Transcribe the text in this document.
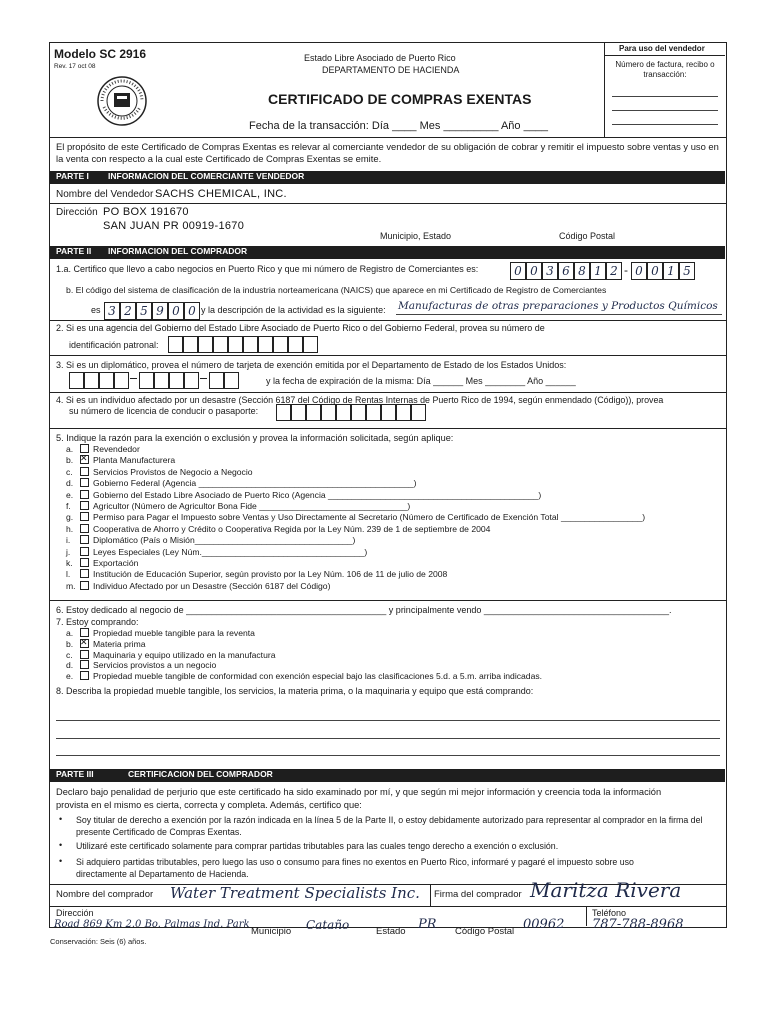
Modelo SC 2916
Rev. 17 oct 08
Estado Libre Asociado de Puerto Rico
DEPARTAMENTO DE HACIENDA
CERTIFICADO DE COMPRAS EXENTAS
Fecha de la transacción: Día ____ Mes _________ Año ____
Para uso del vendedor
Número de factura, recibo o transacción:
El propósito de este Certificado de Compras Exentas es relevar al comerciante vendedor de su obligación de cobrar y remitir el impuesto sobre ventas y uso en la venta con respecto a la cual este Certificado de Compras Exentas se emite.
PARTE I INFORMACION DEL COMERCIANTE VENDEDOR
Nombre del Vendedor SACHS CHEMICAL, INC.
Dirección PO BOX 191670
SAN JUAN PR 00919-1670
Municipio, Estado	Código Postal
PARTE II INFORMACION DEL COMPRADOR
1.a. Certifico que llevo a cabo negocios en Puerto Rico y que mi número de Registro de Comerciantes es:	0 0 3 6 8 1 2 - 0 0 1 5
b. El código del sistema de clasificación de la industria norteamericana (NAICS) que aparece en mi Certificado de Registro de Comerciantes
es 3 2 5 9 0 0 y la descripción de la actividad es la siguiente: Manufacturas de otras preparaciones y Productos Químicos
2. Si es una agencia del Gobierno del Estado Libre Asociado de Puerto Rico o del Gobierno Federal, provea su número de
identificación patronal:
3. Si es un diplomático, provea el número de tarjeta de exención emitida por el Departamento de Estado de los Estados Unidos:
y la fecha de expiración de la misma: Día ______ Mes ________ Año ______
4. Si es un individuo afectado por un desastre (Sección 6187 del Código de Rentas Internas de Puerto Rico de 1994, según enmendado (Código)), provea
su número de licencia de conducir o pasaporte:
5. Indique la razón para la exención o exclusión y provea la información solicitada, según aplique:
a. Revendedor
b. ✕ Planta Manufacturera
c. Servicios Provistos de Negocio a Negocio
d. Gobierno Federal (Agencia _____________________________________________)
e. Gobierno del Estado Libre Asociado de Puerto Rico (Agencia ____________________________________________)
f.	Agricultor (Número de Agricultor Bona Fide _______________________________)
g. Permiso para Pagar el Impuesto sobre Ventas y Uso Directamente al Secretario (Número de Certificado de Exención Total _________________)
h. Cooperativa de Ahorro y Crédito o Cooperativa Regida por la Ley Núm. 239 de 1 de septiembre de 2004
i.	Diplomático (País o Misión_________________________________)
j.	Leyes Especiales (Ley Núm.__________________________________)
k. Exportación
l.	Institución de Educación Superior, según provisto por la Ley Núm. 106 de 11 de julio de 2008
m. Individuo Afectado por un Desastre (Sección 6187 del Código)
6. Estoy dedicado al negocio de ________________________________________ y principalmente vendo _____________________________________.
7. Estoy comprando:
a. Propiedad mueble tangible para la reventa
b. ✕ Materia prima
c. Maquinaria y equipo utilizado en la manufactura
d. Servicios provistos a un negocio
e. Propiedad mueble tangible de conformidad con exención especial bajo las clasificaciones 5.d. a 5.m. arriba indicadas.
8. Describa la propiedad mueble tangible, los servicios, la materia prima, o la maquinaria y equipo que está comprando:
PARTE III	CERTIFICACION DEL COMPRADOR
Declaro bajo penalidad de perjurio que este certificado ha sido examinado por mí, y que según mi mejor información y creencia toda la información
provista en el mismo es cierta, correcta y completa. Además, certifico que:
• Soy titular de derecho a exención por la razón indicada en la línea 5 de la Parte II, o estoy debidamente autorizado para representar al comprador en la firma del
presente Certificado de Compras Exentas.
• Utilizaré este certificado solamente para comprar partidas tributables para las cuales tengo derecho a exención o exclusión.
• Si adquiero partidas tributables, pero luego las uso o consumo para fines no exentos en Puerto Rico, informaré y pagaré el impuesto sobre uso
directamente al Departamento de Hacienda.
Nombre del comprador Water Treatment Specialists Inc. Firma del comprador Maritza Rivera
Dirección
Road 869 Km 2.0 Bo. Palmas Ind. Park
Municipio Cataño	Estado PR Código Postal 00962
Teléfono
787-788-8968
Conservación: Seis (6) años.
